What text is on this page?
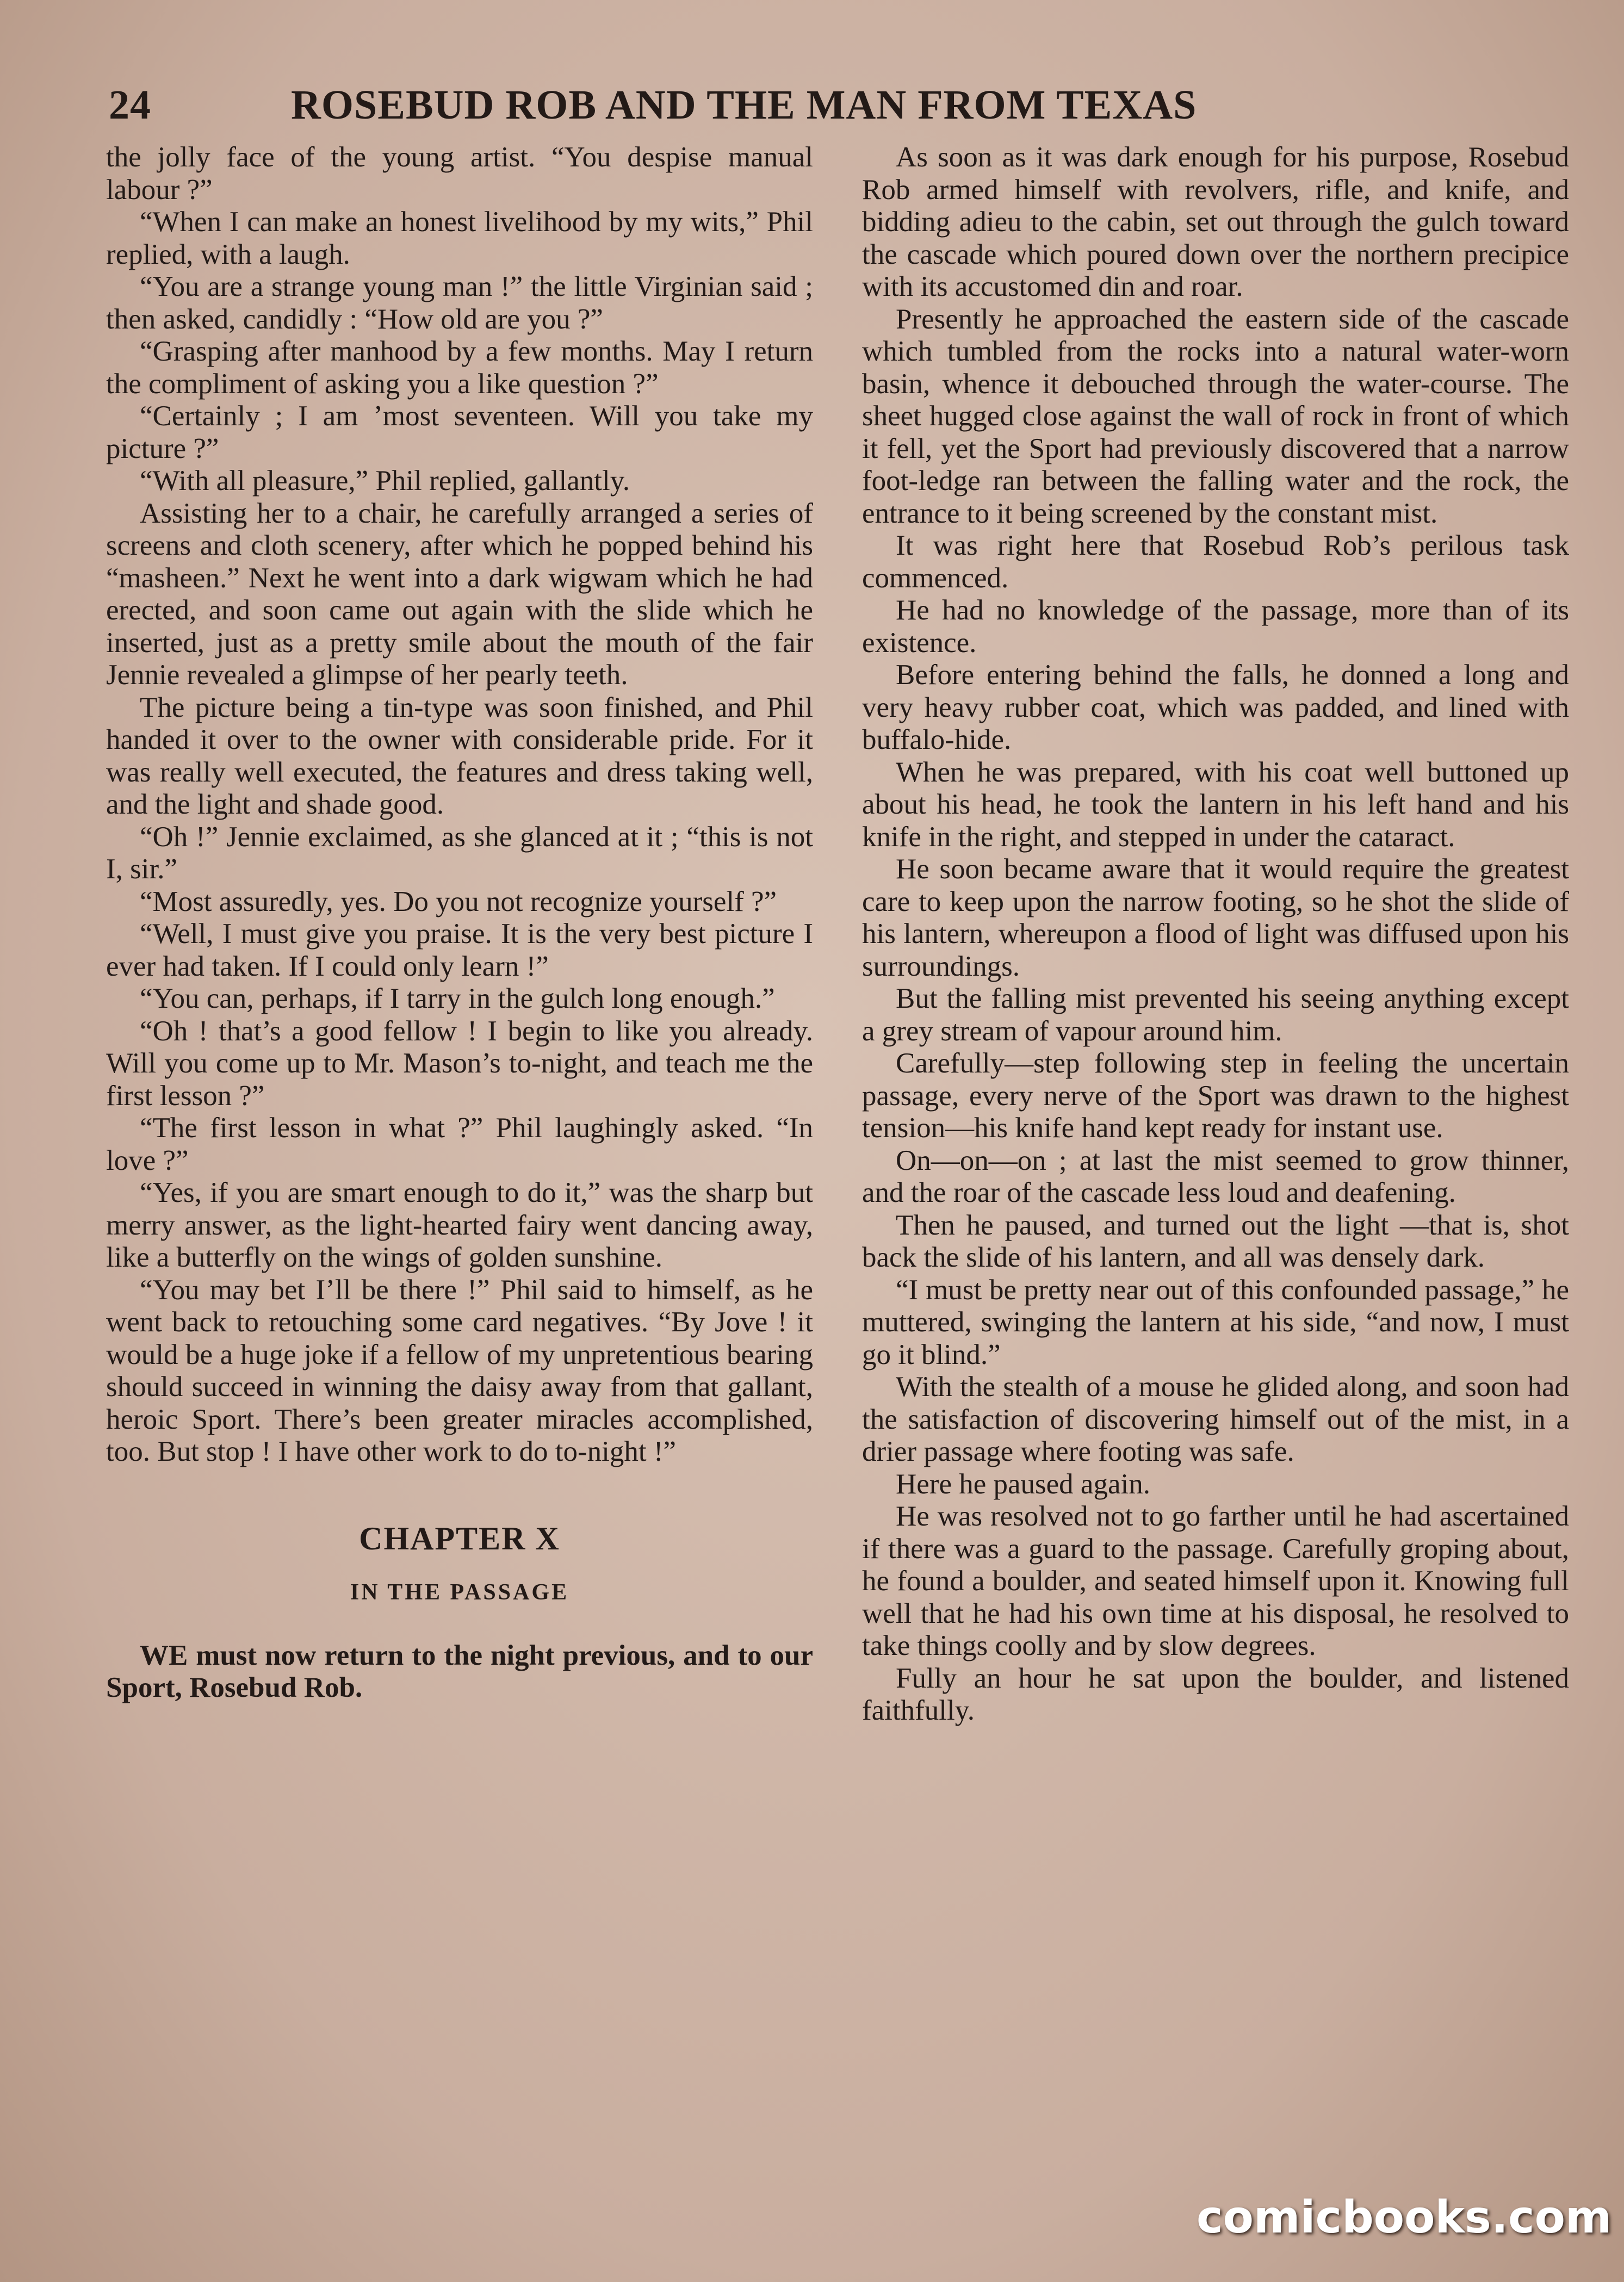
24	ROSEBUD ROB AND THE MAN FROM TEXAS

the jolly face of the young artist. “You despise manual labour ?”

“When I can make an honest livelihood by my wits,” Phil replied, with a laugh.

“You are a strange young man !” the little Virginian said ; then asked, candidly : “How old are you ?”

“Grasping after manhood by a few months. May I return the compliment of asking you a like question ?”

“Certainly ; I am ’most seventeen. Will you take my picture ?”

“With all pleasure,” Phil replied, gallantly.

Assisting her to a chair, he carefully arranged a series of screens and cloth scenery, after which he popped behind his “masheen.” Next he went into a dark wigwam which he had erected, and soon came out again with the slide which he inserted, just as a pretty smile about the mouth of the fair Jennie revealed a glimpse of her pearly teeth.

The picture being a tin-type was soon finished, and Phil handed it over to the owner with considerable pride. For it was really well executed, the features and dress taking well, and the light and shade good.

“Oh !” Jennie exclaimed, as she glanced at it ; “this is not I, sir.”

“Most assuredly, yes. Do you not recognize yourself ?”

“Well, I must give you praise. It is the very best picture I ever had taken. If I could only learn !”

“You can, perhaps, if I tarry in the gulch long enough.”

“Oh ! that’s a good fellow ! I begin to like you already. Will you come up to Mr. Mason’s to-night, and teach me the first lesson ?”

“The first lesson in what ?” Phil laughingly asked. “In love ?”

“Yes, if you are smart enough to do it,” was the sharp but merry answer, as the light-hearted fairy went dancing away, like a butterfly on the wings of golden sunshine.

“You may bet I’ll be there !” Phil said to himself, as he went back to retouching some card negatives. “By Jove ! it would be a huge joke if a fellow of my unpretentious bearing should succeed in winning the daisy away from that gallant, heroic Sport. There’s been greater miracles accomplished, too. But stop ! I have other work to do to-night !”

CHAPTER X
IN THE PASSAGE

WE must now return to the night previous, and to our Sport, Rosebud Rob.

As soon as it was dark enough for his purpose, Rosebud Rob armed himself with revolvers, rifle, and knife, and bidding adieu to the cabin, set out through the gulch toward the cascade which poured down over the northern precipice with its accustomed din and roar.

Presently he approached the eastern side of the cascade which tumbled from the rocks into a natural water-worn basin, whence it debouched through the water-course. The sheet hugged close against the wall of rock in front of which it fell, yet the Sport had previously discovered that a narrow foot-ledge ran between the falling water and the rock, the entrance to it being screened by the constant mist.

It was right here that Rosebud Rob’s perilous task commenced.

He had no knowledge of the passage, more than of its existence.

Before entering behind the falls, he donned a long and very heavy rubber coat, which was padded, and lined with buffalo-hide.

When he was prepared, with his coat well buttoned up about his head, he took the lantern in his left hand and his knife in the right, and stepped in under the cataract.

He soon became aware that it would require the greatest care to keep upon the narrow footing, so he shot the slide of his lantern, whereupon a flood of light was diffused upon his surroundings.

But the falling mist prevented his seeing anything except a grey stream of vapour around him.

Carefully—step following step in feeling the uncertain passage, every nerve of the Sport was drawn to the highest tension—his knife hand kept ready for instant use.

On—on—on ; at last the mist seemed to grow thinner, and the roar of the cascade less loud and deafening.

Then he paused, and turned out the light —that is, shot back the slide of his lantern, and all was densely dark.

“I must be pretty near out of this confounded passage,” he muttered, swinging the lantern at his side, “and now, I must go it blind.”

With the stealth of a mouse he glided along, and soon had the satisfaction of discovering himself out of the mist, in a drier passage where footing was safe.

Here he paused again.

He was resolved not to go farther until he had ascertained if there was a guard to the passage. Carefully groping about, he found a boulder, and seated himself upon it. Knowing full well that he had his own time at his disposal, he resolved to take things coolly and by slow degrees.

Fully an hour he sat upon the boulder, and listened faithfully.

comicbooks.com
